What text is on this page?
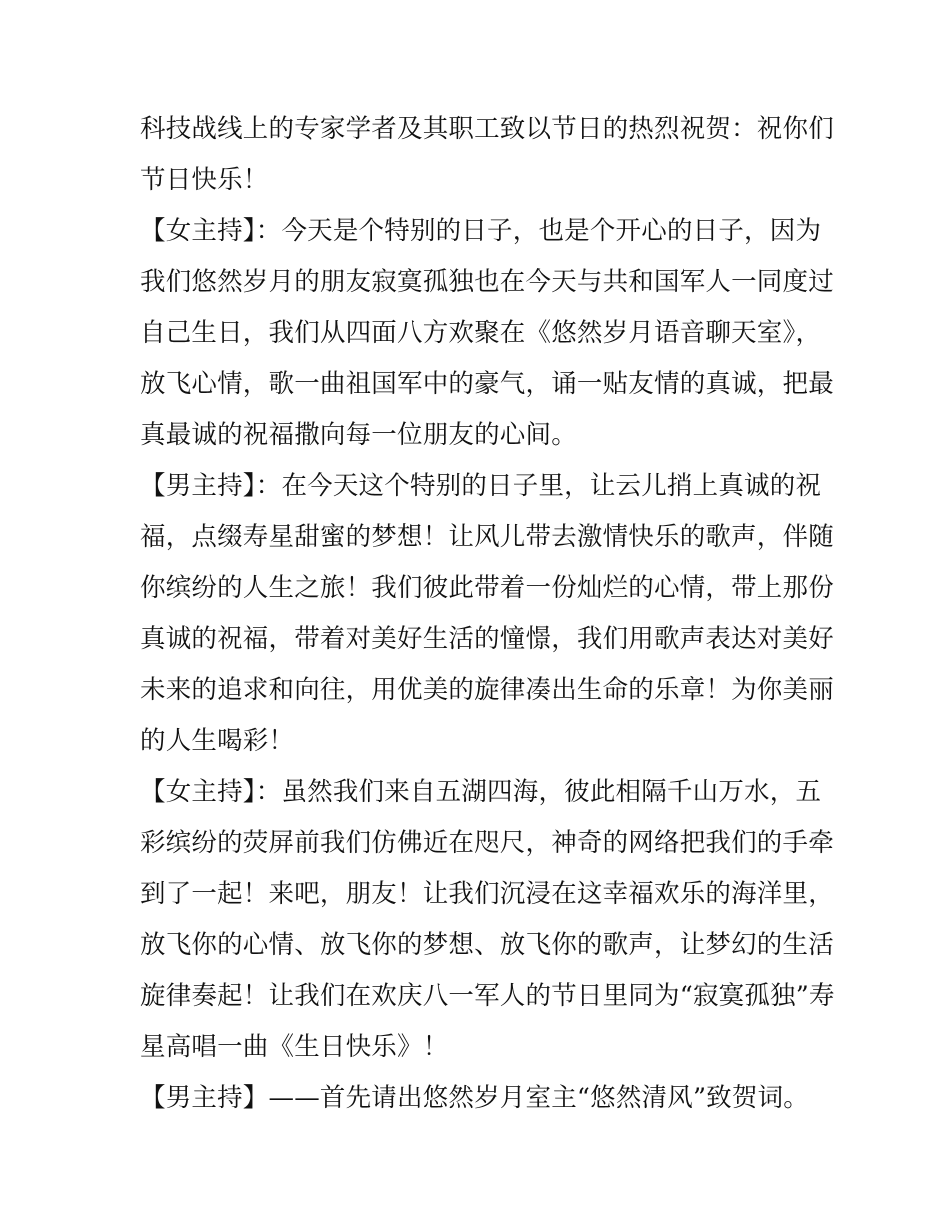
科技战线上的专家学者及其职工致以节日的热烈祝贺：祝你们
节日快乐！
【女主持】：今天是个特别的日子，也是个开心的日子，因为
我们悠然岁月的朋友寂寞孤独也在今天与共和国军人一同度过
自己生日，我们从四面八方欢聚在《悠然岁月语音聊天室》，
放飞心情，歌一曲祖国军中的豪气，诵一贴友情的真诚，把最
真最诚的祝福撒向每一位朋友的心间。
【男主持】：在今天这个特别的日子里，让云儿捎上真诚的祝
福，点缀寿星甜蜜的梦想！让风儿带去激情快乐的歌声，伴随
你缤纷的人生之旅！我们彼此带着一份灿烂的心情，带上那份
真诚的祝福，带着对美好生活的憧憬，我们用歌声表达对美好
未来的追求和向往，用优美的旋律凑出生命的乐章！为你美丽
的人生喝彩！
【女主持】：虽然我们来自五湖四海，彼此相隔千山万水，五
彩缤纷的荧屏前我们仿佛近在咫尺，神奇的网络把我们的手牵
到了一起！来吧，朋友！让我们沉浸在这幸福欢乐的海洋里，
放飞你的心情、放飞你的梦想、放飞你的歌声，让梦幻的生活
旋律奏起！让我们在欢庆八一军人的节日里同为“寂寞孤独”寿
星高唱一曲《生日快乐》！
【男主持】——首先请出悠然岁月室主“悠然清风”致贺词。
